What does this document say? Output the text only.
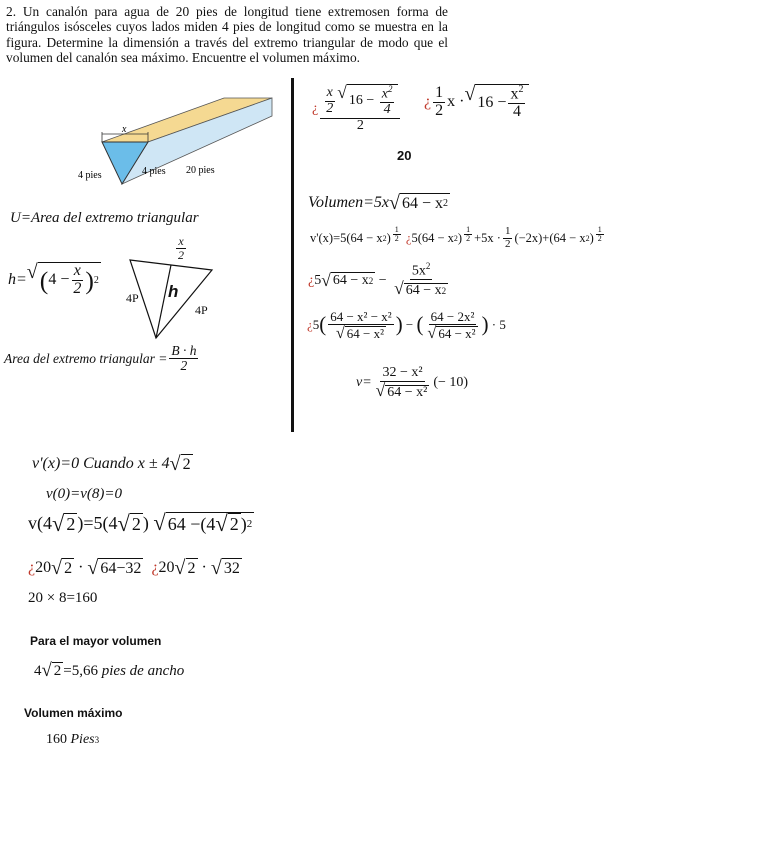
2. Un canalón para agua de 20 pies de longitud tiene extremosen forma de triángulos isósceles cuyos lados miden 4 pies de longitud como se muestra en la figura. Determine la dimensión a través del extremo triangular de modo que el volumen del canalón sea máximo. Encuentre el volumen máximo.
x
4 pies	4 pies 20 pies
U=Area del extremo triangular
h= √ ( 4
− $\frac{x}{2}$ ) 2
$\frac{x}{2}$
h
4P
4P
Area del extremo triangular = $\frac{B \cdot h}{2}$
¿ $\frac{x}{2}$ √ 16 −
$\frac{x^2}{4}$
2 ¿ $\frac{1}{2}$ x · √ $16 - \frac{x^2}{4}$
20
Volumen=5x √ 64 − x 2
v'(x)=5(64 − x 2 ) $\frac{1}{2}$
¿ 5(64 − x 2 ) $\frac{1}{2} +5x \cdot \frac{1}{2} (-2x)+(64 - x$ 2 ) $\frac{1}{2}$
¿ 5 √ 64 − x $2 - \frac{5x^2}{√ 64 - x 2}$
¿ 5 ( $\frac{\text{64 − x² − x²}}{\text{√ 64 − x²}}$ ) − ( $\frac{\text{64 − 2x²}}{\text{√ 64 − x²}}$ )
· 5
$v= \frac{\text{32 − x²}}{\text{√ 64 − x²}}$ (− 10)
v'(x)=0
Cuando
x ± 4 √ 2
v(0)=v(8)=0
v(4 √ 2 )=5(4 √ 2 )
√ 64 −(4 √ 2 ) 2
¿ 20 √ 2
·
√ 64−32
¿ 20 √ 2
·
√ 32
20 × 8=160
Para el mayor volumen
4 √ 2 =5,66
pies de ancho
Volumen máximo
160
Pies 3
